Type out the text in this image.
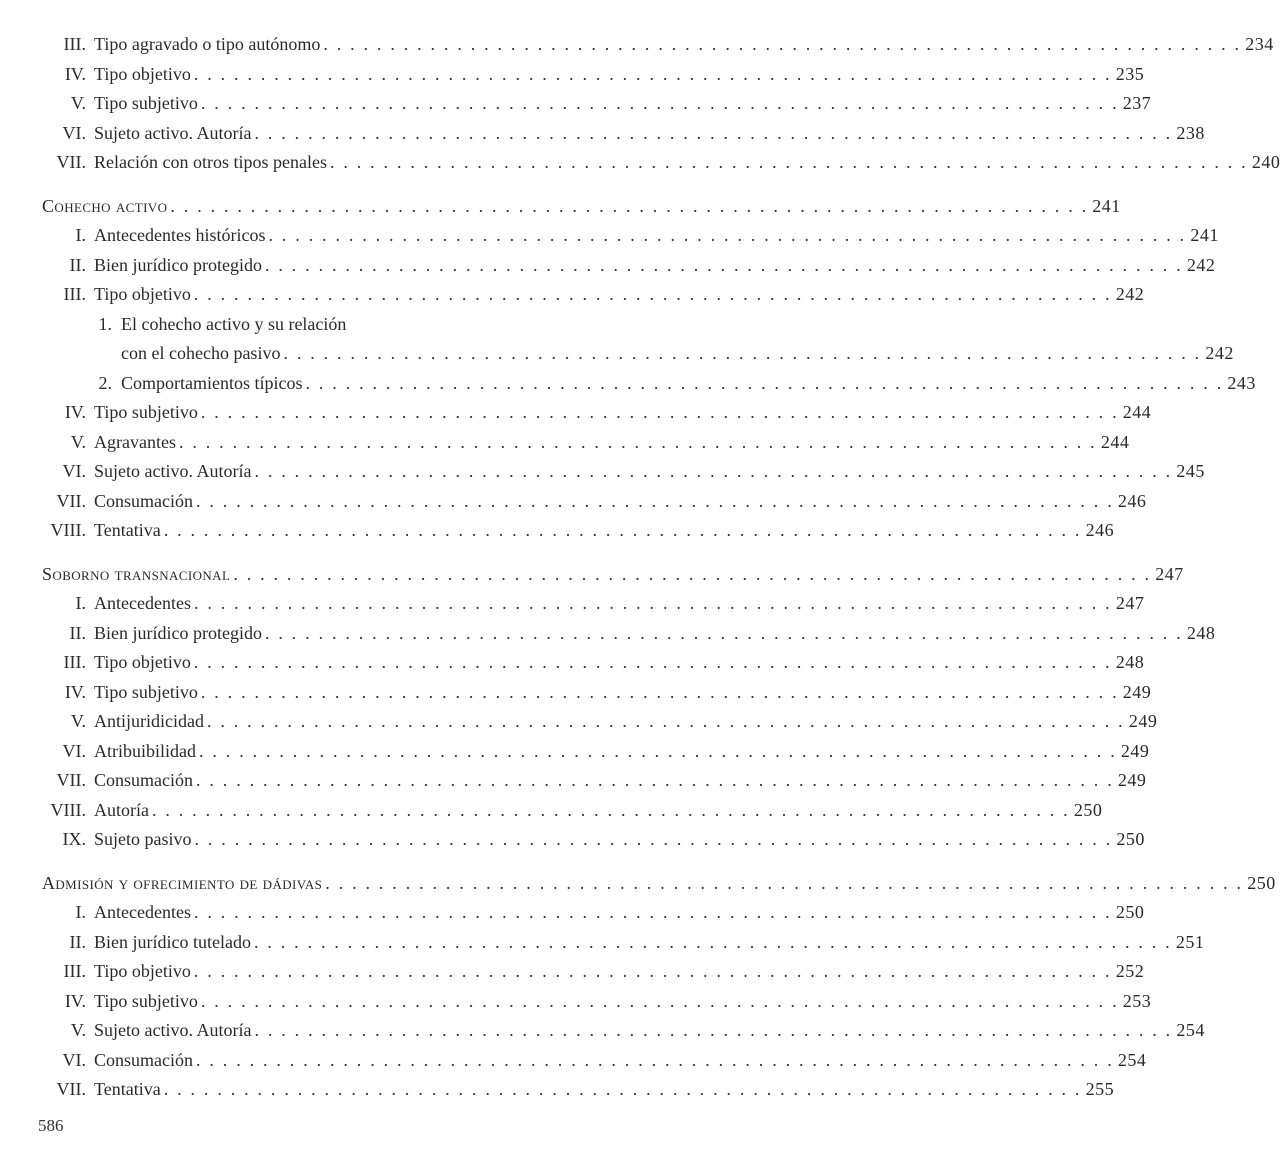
III. Tipo agravado o tipo autónomo . . . . . . . . . . . . . . . . . . . . . . . . . . . . . . . . . . . . . . . . . . . . . . . . . . . . . . . . . . . . . . . . . . . . . 234
IV. Tipo objetivo . . . . . . . . . . . . . . . . . . . . . . . . . . . . . . . . . . . . . . . . . . . . . . . . . . . . . . . . . . . . . . . . . . . . . 235
V. Tipo subjetivo . . . . . . . . . . . . . . . . . . . . . . . . . . . . . . . . . . . . . . . . . . . . . . . . . . . . . . . . . . . . . . . . . . . . . 237
VI. Sujeto activo. Autoría . . . . . . . . . . . . . . . . . . . . . . . . . . . . . . . . . . . . . . . . . . . . . . . . . . . . . . . . . . . . . . . . . . . . . 238
VII. Relación con otros tipos penales . . . . . . . . . . . . . . . . . . . . . . . . . . . . . . . . . . . . . . . . . . . . . . . . . . . . . . . . . . . . . . . . . . . . . 240
Cohecho activo . . . . . . . . . . . . . . . . . . . . . . . . . . . . . . . . . . . . . . . . . . . . . . . . . . . . . . . . . . . . . . . . . . . . . 241
I. Antecedentes históricos . . . . . . . . . . . . . . . . . . . . . . . . . . . . . . . . . . . . . . . . . . . . . . . . . . . . . . . . . . . . . . . . . . . . . 241
II. Bien jurídico protegido . . . . . . . . . . . . . . . . . . . . . . . . . . . . . . . . . . . . . . . . . . . . . . . . . . . . . . . . . . . . . . . . . . . . . 242
III. Tipo objetivo . . . . . . . . . . . . . . . . . . . . . . . . . . . . . . . . . . . . . . . . . . . . . . . . . . . . . . . . . . . . . . . . . . . . . 242
1. El cohecho activo y su relación
con el cohecho pasivo . . . . . . . . . . . . . . . . . . . . . . . . . . . . . . . . . . . . . . . . . . . . . . . . . . . . . . . . . . . . . . . . . . . . . 242
2. Comportamientos típicos . . . . . . . . . . . . . . . . . . . . . . . . . . . . . . . . . . . . . . . . . . . . . . . . . . . . . . . . . . . . . . . . . . . . . 243
IV. Tipo subjetivo . . . . . . . . . . . . . . . . . . . . . . . . . . . . . . . . . . . . . . . . . . . . . . . . . . . . . . . . . . . . . . . . . . . . . 244
V. Agravantes . . . . . . . . . . . . . . . . . . . . . . . . . . . . . . . . . . . . . . . . . . . . . . . . . . . . . . . . . . . . . . . . . . . . . 244
VI. Sujeto activo. Autoría . . . . . . . . . . . . . . . . . . . . . . . . . . . . . . . . . . . . . . . . . . . . . . . . . . . . . . . . . . . . . . . . . . . . . 245
VII. Consumación . . . . . . . . . . . . . . . . . . . . . . . . . . . . . . . . . . . . . . . . . . . . . . . . . . . . . . . . . . . . . . . . . . . . . 246
VIII. Tentativa . . . . . . . . . . . . . . . . . . . . . . . . . . . . . . . . . . . . . . . . . . . . . . . . . . . . . . . . . . . . . . . . . . . . . 246
Soborno transnacional . . . . . . . . . . . . . . . . . . . . . . . . . . . . . . . . . . . . . . . . . . . . . . . . . . . . . . . . . . . . . . . . . . . . . 247
I. Antecedentes . . . . . . . . . . . . . . . . . . . . . . . . . . . . . . . . . . . . . . . . . . . . . . . . . . . . . . . . . . . . . . . . . . . . . 247
II. Bien jurídico protegido . . . . . . . . . . . . . . . . . . . . . . . . . . . . . . . . . . . . . . . . . . . . . . . . . . . . . . . . . . . . . . . . . . . . . 248
III. Tipo objetivo . . . . . . . . . . . . . . . . . . . . . . . . . . . . . . . . . . . . . . . . . . . . . . . . . . . . . . . . . . . . . . . . . . . . . 248
IV. Tipo subjetivo . . . . . . . . . . . . . . . . . . . . . . . . . . . . . . . . . . . . . . . . . . . . . . . . . . . . . . . . . . . . . . . . . . . . . 249
V. Antijuridicidad . . . . . . . . . . . . . . . . . . . . . . . . . . . . . . . . . . . . . . . . . . . . . . . . . . . . . . . . . . . . . . . . . . . . . 249
VI. Atribuibilidad . . . . . . . . . . . . . . . . . . . . . . . . . . . . . . . . . . . . . . . . . . . . . . . . . . . . . . . . . . . . . . . . . . . . . 249
VII. Consumación . . . . . . . . . . . . . . . . . . . . . . . . . . . . . . . . . . . . . . . . . . . . . . . . . . . . . . . . . . . . . . . . . . . . . 249
VIII. Autoría . . . . . . . . . . . . . . . . . . . . . . . . . . . . . . . . . . . . . . . . . . . . . . . . . . . . . . . . . . . . . . . . . . . . . 250
IX. Sujeto pasivo . . . . . . . . . . . . . . . . . . . . . . . . . . . . . . . . . . . . . . . . . . . . . . . . . . . . . . . . . . . . . . . . . . . . . 250
Admisión y ofrecimiento de dádivas . . . . . . . . . . . . . . . . . . . . . . . . . . . . . . . . . . . . . . . . . . . . . . . . . . . . . . . . . . . . . . . . . . . . . 250
I. Antecedentes . . . . . . . . . . . . . . . . . . . . . . . . . . . . . . . . . . . . . . . . . . . . . . . . . . . . . . . . . . . . . . . . . . . . . 250
II. Bien jurídico tutelado . . . . . . . . . . . . . . . . . . . . . . . . . . . . . . . . . . . . . . . . . . . . . . . . . . . . . . . . . . . . . . . . . . . . . 251
III. Tipo objetivo . . . . . . . . . . . . . . . . . . . . . . . . . . . . . . . . . . . . . . . . . . . . . . . . . . . . . . . . . . . . . . . . . . . . . 252
IV. Tipo subjetivo . . . . . . . . . . . . . . . . . . . . . . . . . . . . . . . . . . . . . . . . . . . . . . . . . . . . . . . . . . . . . . . . . . . . . 253
V. Sujeto activo. Autoría . . . . . . . . . . . . . . . . . . . . . . . . . . . . . . . . . . . . . . . . . . . . . . . . . . . . . . . . . . . . . . . . . . . . . 254
VI. Consumación . . . . . . . . . . . . . . . . . . . . . . . . . . . . . . . . . . . . . . . . . . . . . . . . . . . . . . . . . . . . . . . . . . . . . 254
VII. Tentativa . . . . . . . . . . . . . . . . . . . . . . . . . . . . . . . . . . . . . . . . . . . . . . . . . . . . . . . . . . . . . . . . . . . . . 255
586
